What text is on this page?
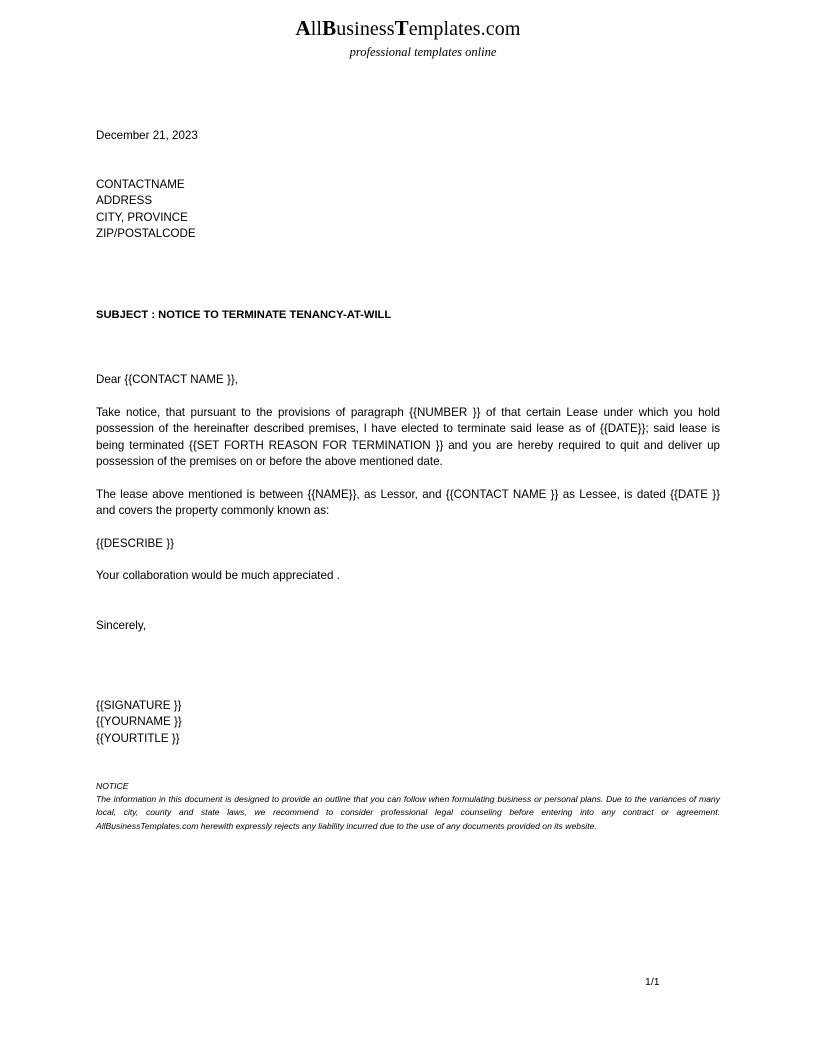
AllBusinessTemplates.com
professional templates online
December 21, 2023
CONTACTNAME
ADDRESS
CITY, PROVINCE
ZIP/POSTALCODE
SUBJECT : NOTICE TO TERMINATE TENANCY-AT-WILL
Dear {{CONTACT NAME }},
Take notice, that pursuant to the provisions of paragraph {{NUMBER }} of that certain Lease under which you hold possession of the hereinafter described premises, I have elected to terminate said lease as of {{DATE}}; said lease is being terminated {{SET FORTH REASON FOR TERMINATION }} and you are hereby required to quit and deliver up possession of the premises on or before the above mentioned date.
The lease above mentioned is between {{NAME}}, as Lessor, and {{CONTACT NAME }} as Lessee, is dated {{DATE }} and covers the property commonly known as:
{{DESCRIBE }}
Your collaboration would be much appreciated .
Sincerely,
{{SIGNATURE }}
{{YOURNAME }}
{{YOURTITLE }}
NOTICE
The information in this document is designed to provide an outline that you can follow when formulating business or personal plans. Due to the variances of many local, city, county and state laws, we recommend to consider professional legal counseling before entering into any contract or agreement. AllBusinessTemplates.com herewith expressly rejects any liability incurred due to the use of any documents provided on its website.
1/1
